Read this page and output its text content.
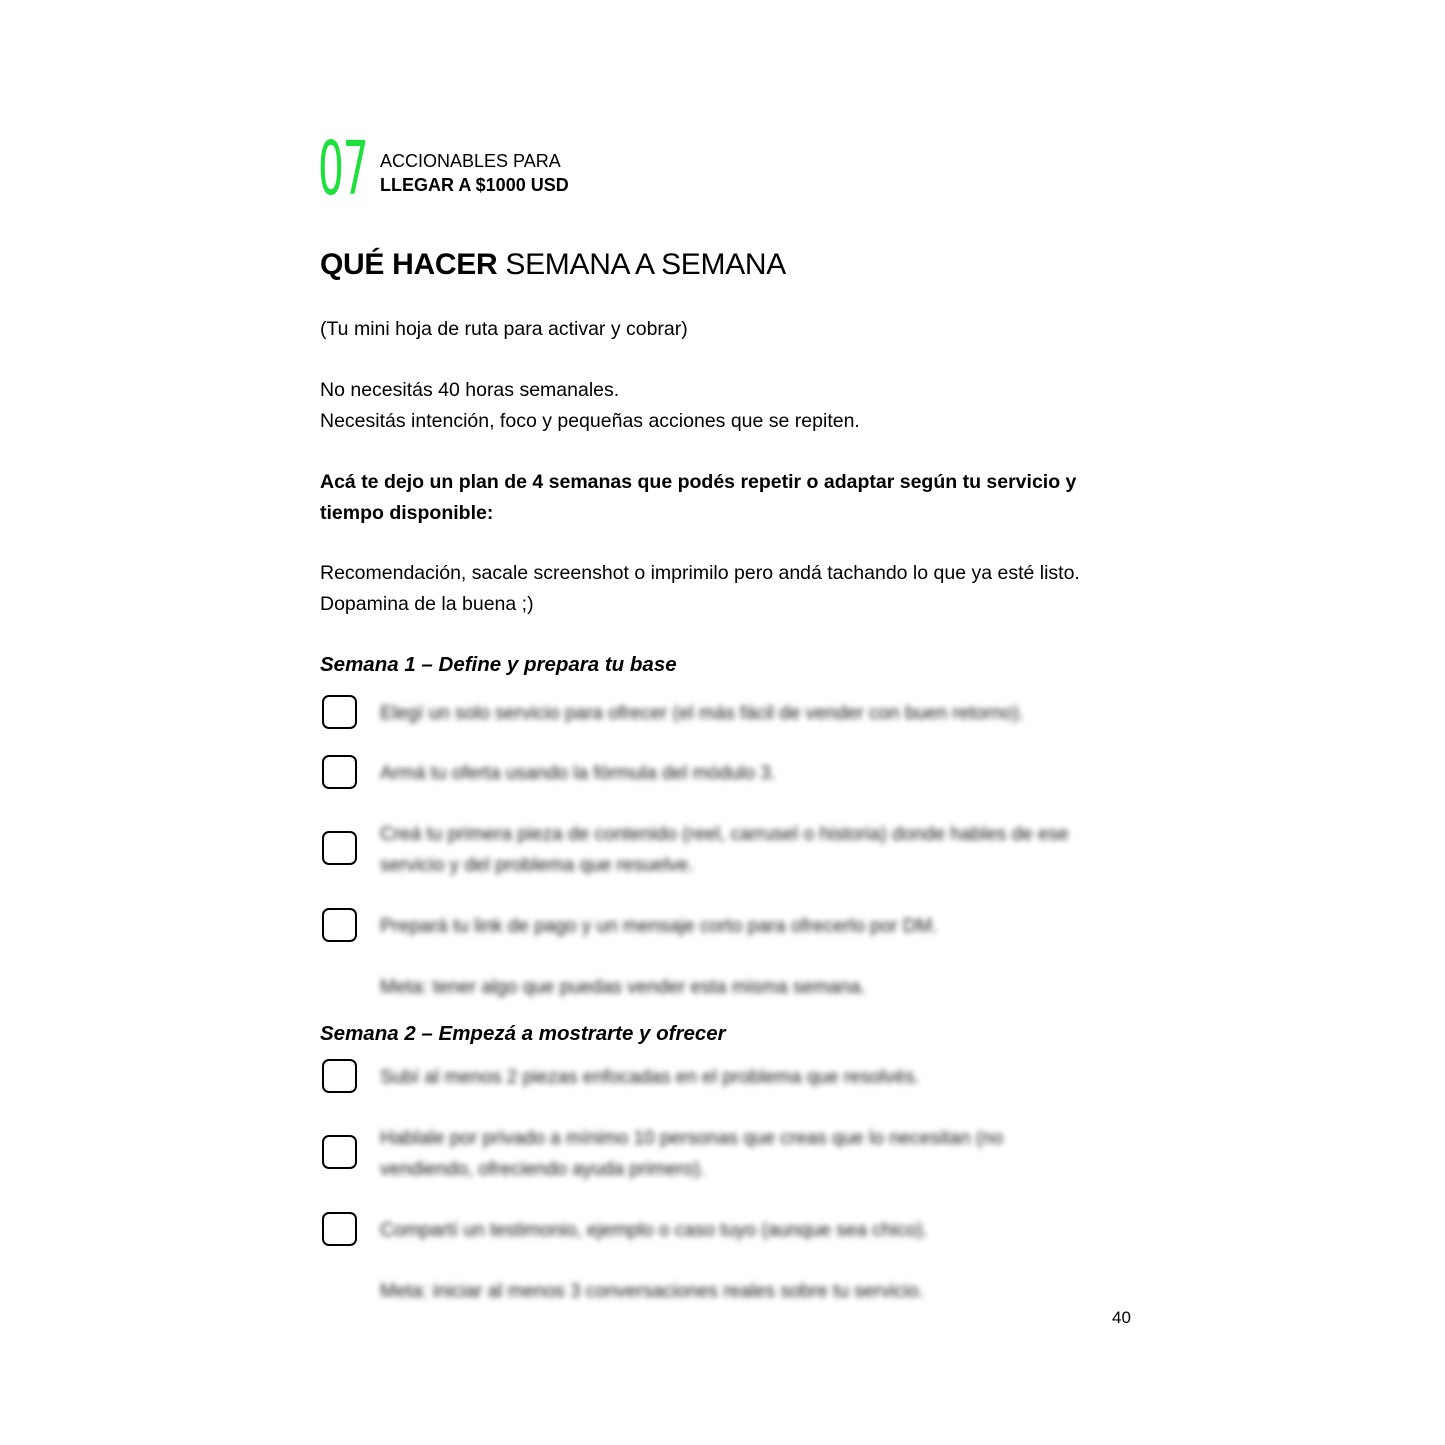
07 ACCIONABLES PARA
LLEGAR A $1000 USD
QUÉ HACER SEMANA A SEMANA

(Tu mini hoja de ruta para activar y cobrar)

No necesitás 40 horas semanales.

Necesitás intención, foco y pequeñas acciones que se repiten.

Acá te dejo un plan de 4 semanas que podés repetir o adaptar según tu servicio y tiempo disponible:

Recomendación, sacale screenshot o imprimilo pero andá tachando lo que ya esté listo. Dopamina de la buena ;)

Semana 1 – Define y prepara tu base
Elegí un solo servicio para ofrecer (el más fácil de vender con buen retorno).
Armá tu oferta usando la fórmula del módulo 3.
Creá tu primera pieza de contenido (reel, carrusel o historia) donde hables de ese servicio y del problema que resuelve.
Prepará tu link de pago y un mensaje corto para ofrecerlo por DM.
Meta: tener algo que puedas vender esta misma semana.
Semana 2 – Empezá a mostrarte y ofrecer
Subí al menos 2 piezas enfocadas en el problema que resolvés.
Hablale por privado a mínimo 10 personas que creas que lo necesitan (no vendiendo, ofreciendo ayuda primero).
Compartí un testimonio, ejemplo o caso tuyo (aunque sea chico).
Meta: iniciar al menos 3 conversaciones reales sobre tu servicio.
40
